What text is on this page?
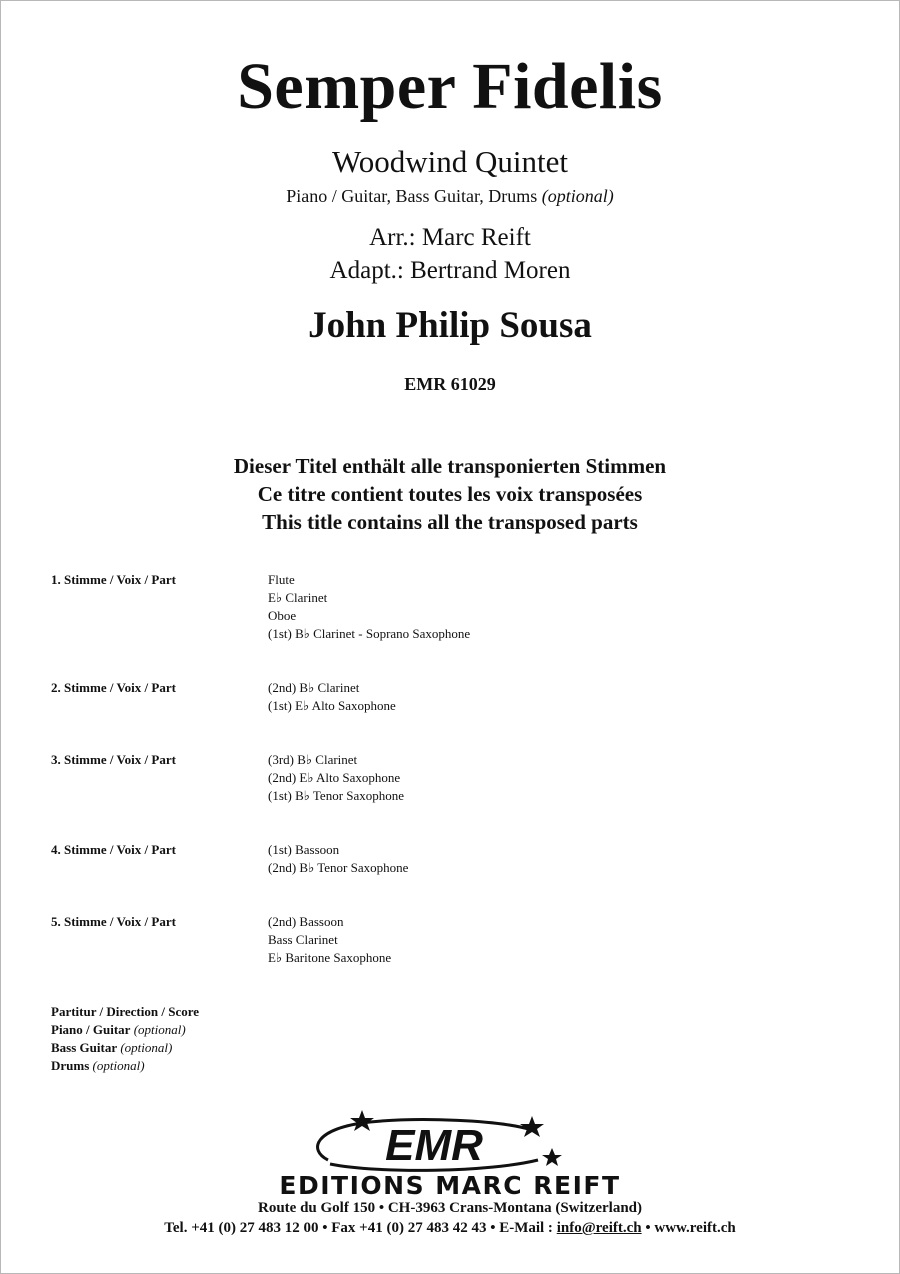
Semper Fidelis
Woodwind Quintet
Piano / Guitar, Bass Guitar, Drums (optional)
Arr.: Marc Reift
Adapt.: Bertrand Moren
John Philip Sousa
EMR 61029
Dieser Titel enthält alle transponierten Stimmen
Ce titre contient toutes les voix transposées
This title contains all the transposed parts
1. Stimme / Voix / Part	Flute
E♭ Clarinet
Oboe
(1st) B♭ Clarinet - Soprano Saxophone
2. Stimme / Voix / Part	(2nd) B♭ Clarinet
(1st) E♭ Alto Saxophone
3. Stimme / Voix / Part	(3rd) B♭ Clarinet
(2nd) E♭ Alto Saxophone
(1st) B♭ Tenor Saxophone
4. Stimme / Voix / Part	(1st) Bassoon
(2nd) B♭ Tenor Saxophone
5. Stimme / Voix / Part	(2nd) Bassoon
Bass Clarinet
E♭ Baritone Saxophone
Partitur / Direction / Score
Piano / Guitar (optional)
Bass Guitar (optional)
Drums (optional)
EMR
EDITIONS MARC REIFT
Route du Golf 150 • CH-3963 Crans-Montana (Switzerland)
Tel. +41 (0) 27 483 12 00 • Fax +41 (0) 27 483 42 43 • E-Mail : info@reift.ch • www.reift.ch
